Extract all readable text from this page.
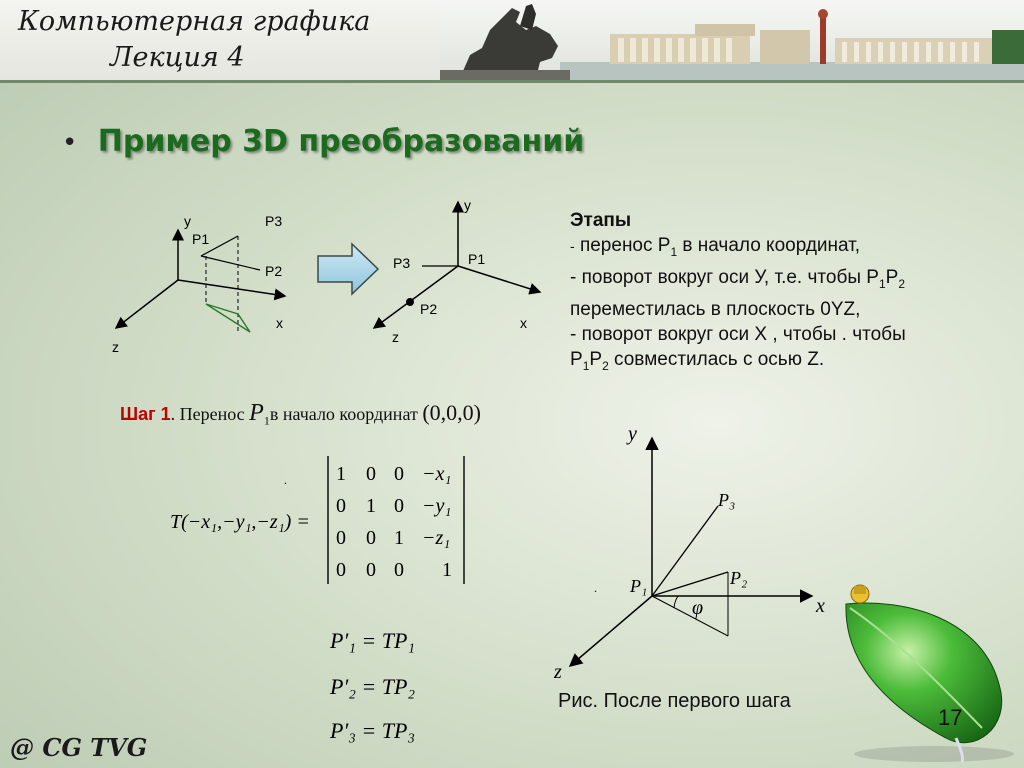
Компьютерная графика
Лекция 4
• Пример 3D преобразований
y	P3
P1
P2
x
z
y
P3	P1
P2
x
z
Этапы
- перенос $P_1$ в начало координат,
- поворот вокруг оси У, т.е. чтобы $P_1P_2$
переместилась в плоскость 0YZ,
- поворот вокруг оси X , чтобы . чтобы
$P_1P_2$ совместилась с осью Z.
Шаг 1. Перенос $P_1в$ начало координат (0,0,0)
.
T(−x₁,−y₁,−z₁) =
1 0 0 −x₁
0 1 0 −y₁
0 0 1 −z₁
0 0 0 1
P′₁ = TP₁
P′₂ = TP₂
P′₃ = TP₃
y
P₃
P₂
P₁
x
z
φ
.
Рис. После первого шага
17
@ CG TVG
